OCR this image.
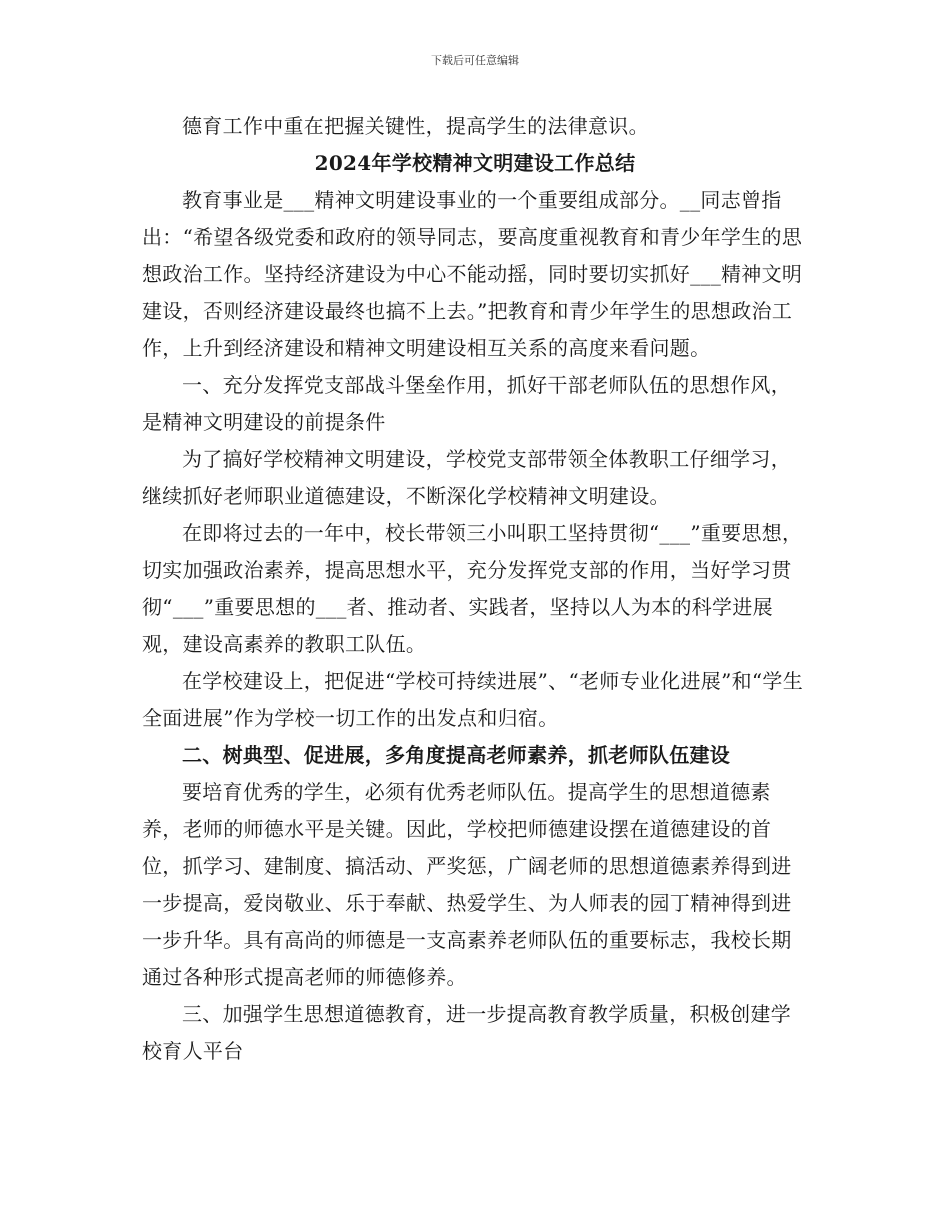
下载后可任意编辑

德育工作中重在把握关键性，提高学生的法律意识。

2024年学校精神文明建设工作总结

教育事业是___精神文明建设事业的一个重要组成部分。__同志曾指出：“希望各级党委和政府的领导同志，要高度重视教育和青少年学生的思想政治工作。坚持经济建设为中心不能动摇，同时要切实抓好___精神文明建设，否则经济建设最终也搞不上去。”把教育和青少年学生的思想政治工作，上升到经济建设和精神文明建设相互关系的高度来看问题。

一、充分发挥党支部战斗堡垒作用，抓好干部老师队伍的思想作风，是精神文明建设的前提条件

为了搞好学校精神文明建设，学校党支部带领全体教职工仔细学习，继续抓好老师职业道德建设，不断深化学校精神文明建设。

在即将过去的一年中，校长带领三小叫职工坚持贯彻“___”重要思想，切实加强政治素养，提高思想水平，充分发挥党支部的作用，当好学习贯彻“___”重要思想的___者、推动者、实践者，坚持以人为本的科学进展观，建设高素养的教职工队伍。

在学校建设上，把促进“学校可持续进展”、“老师专业化进展”和“学生全面进展”作为学校一切工作的出发点和归宿。

二、树典型、促进展，多角度提高老师素养，抓老师队伍建设

要培育优秀的学生，必须有优秀老师队伍。提高学生的思想道德素养，老师的师德水平是关键。因此，学校把师德建设摆在道德建设的首位，抓学习、建制度、搞活动、严奖惩，广阔老师的思想道德素养得到进一步提高，爱岗敬业、乐于奉献、热爱学生、为人师表的园丁精神得到进一步升华。具有高尚的师德是一支高素养老师队伍的重要标志，我校长期通过各种形式提高老师的师德修养。

三、加强学生思想道德教育，进一步提高教育教学质量，积极创建学校育人平台
